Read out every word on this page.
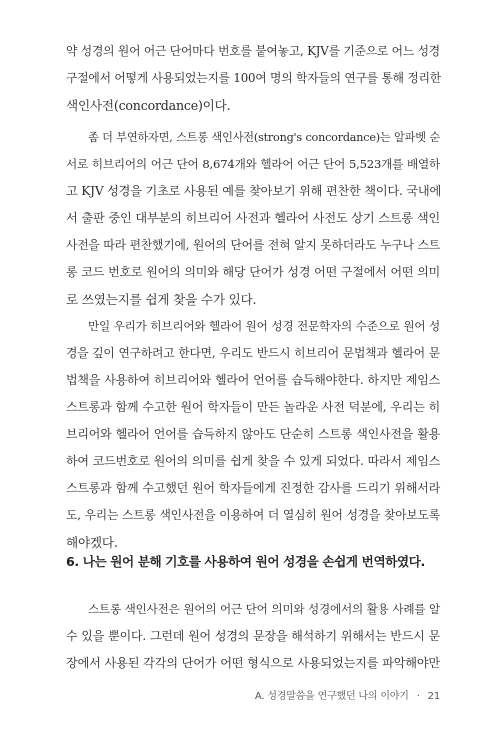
약 성경의 원어 어근 단어마다 번호를 붙여놓고, KJV를 기준으로 어느 성경
구절에서 어떻게 사용되었는지를 100여 명의 학자들의 연구를 통해 정리한
색인사전(concordance)이다.

좀 더 부연하자면, 스트롱 색인사전(strong's concordance)는 알파벳 순
서로 히브리어의 어근 단어 8,674개와 헬라어 어근 단어 5,523개를 배열하
고 KJV 성경을 기초로 사용된 예를 찾아보기 위해 편찬한 책이다. 국내에
서 출판 중인 대부분의 히브리어 사전과 헬라어 사전도 상기 스트롱 색인
사전을 따라 편찬했기에, 원어의 단어를 전혀 알지 못하더라도 누구나 스트
롱 코드 번호로 원어의 의미와 해당 단어가 성경 어떤 구절에서 어떤 의미
로 쓰였는지를 쉽게 찾을 수가 있다.

만일 우리가 히브리어와 헬라어 원어 성경 전문학자의 수준으로 원어 성
경을 깊이 연구하려고 한다면, 우리도 반드시 히브리어 문법책과 헬라어 문
법책을 사용하여 히브리어와 헬라어 언어를 습득해야한다. 하지만 제임스
스트롱과 함께 수고한 원어 학자들이 만든 놀라운 사전 덕분에, 우리는 히
브리어와 헬라어 언어를 습득하지 않아도 단순히 스트롱 색인사전을 활용
하여 코드번호로 원어의 의미를 쉽게 찾을 수 있게 되었다. 따라서 제임스
스트롱과 함께 수고했던 원어 학자들에게 진정한 감사를 드리기 위해서라
도, 우리는 스트롱 색인사전을 이용하여 더 열심히 원어 성경을 찾아보도록
해야겠다.

6. 나는 원어 분해 기호를 사용하여 원어 성경을 손쉽게 번역하였다.

스트롱 색인사전은 원어의 어근 단어 의미와 성경에서의 활용 사례를 알
수 있을 뿐이다. 그런데 원어 성경의 문장을 해석하기 위해서는 반드시 문
장에서 사용된 각각의 단어가 어떤 형식으로 사용되었는지를 파악해야만

A. 성경말씀을 연구했던 나의 이야기 · 21
